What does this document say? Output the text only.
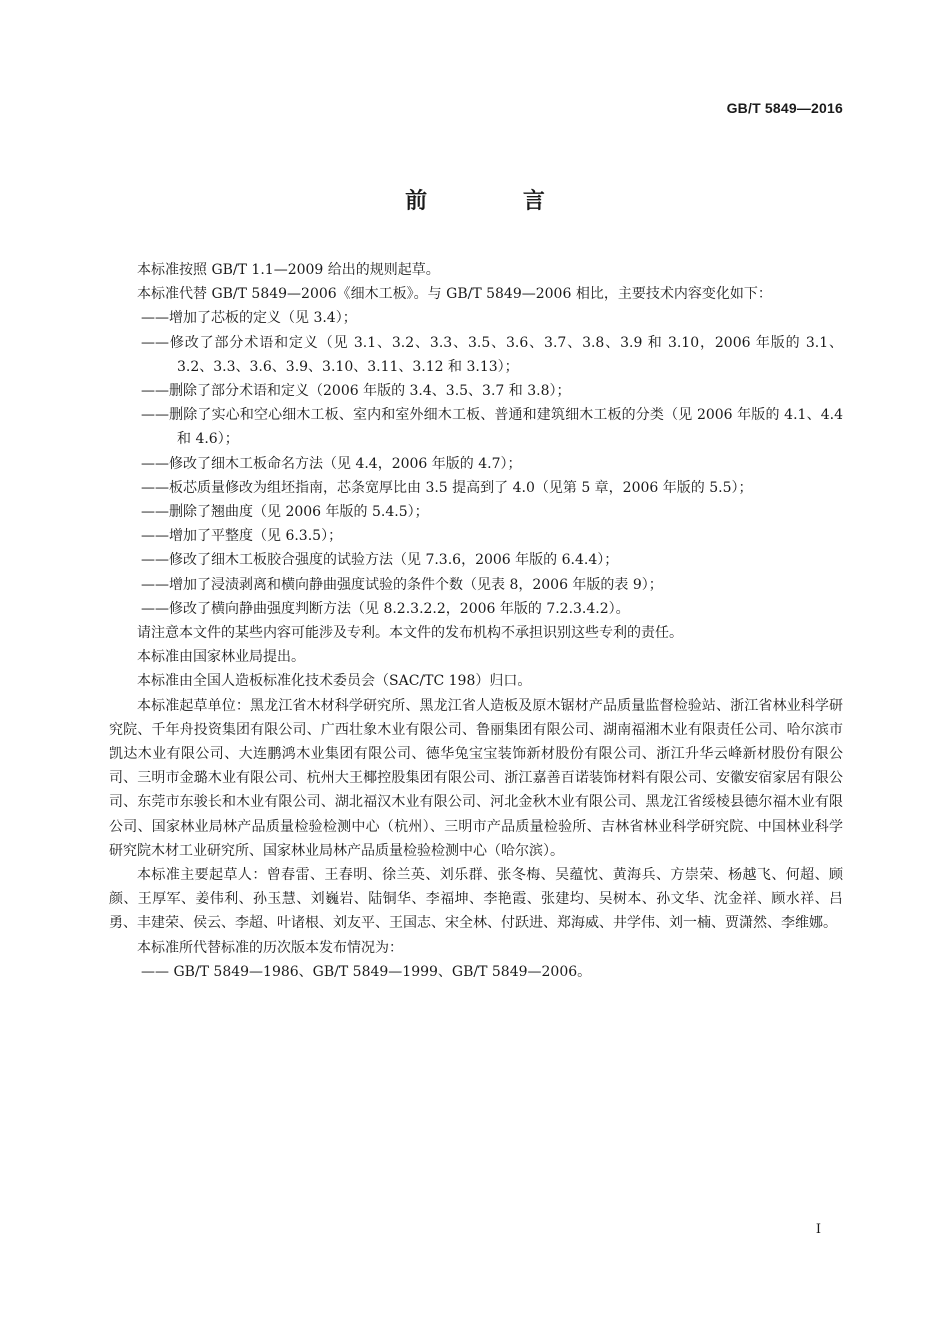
GB/T 5849—2016
前 言

本标准按照 GB/T 1.1—2009 给出的规则起草。

本标准代替 GB/T 5849—2006《细木工板》。与 GB/T 5849—2006 相比，主要技术内容变化如下：

——增加了芯板的定义（见 3.4）；

——修改了部分术语和定义（见 3.1、3.2、3.3、3.5、3.6、3.7、3.8、3.9 和 3.10，2006 年版的 3.1、3.2、3.3、3.6、3.9、3.10、3.11、3.12 和 3.13）；

——删除了部分术语和定义（2006 年版的 3.4、3.5、3.7 和 3.8）；

——删除了实心和空心细木工板、室内和室外细木工板、普通和建筑细木工板的分类（见 2006 年版的 4.1、4.4 和 4.6）；

——修改了细木工板命名方法（见 4.4，2006 年版的 4.7）；

——板芯质量修改为组坯指南，芯条宽厚比由 3.5 提高到了 4.0（见第 5 章，2006 年版的 5.5）；

——删除了翘曲度（见 2006 年版的 5.4.5）；

——增加了平整度（见 6.3.5）；

——修改了细木工板胶合强度的试验方法（见 7.3.6，2006 年版的 6.4.4）；

——增加了浸渍剥离和横向静曲强度试验的条件个数（见表 8，2006 年版的表 9）；

——修改了横向静曲强度判断方法（见 8.2.3.2.2，2006 年版的 7.2.3.4.2）。

请注意本文件的某些内容可能涉及专利。本文件的发布机构不承担识别这些专利的责任。

本标准由国家林业局提出。

本标准由全国人造板标准化技术委员会（SAC/TC 198）归口。

本标准起草单位：黑龙江省木材科学研究所、黑龙江省人造板及原木锯材产品质量监督检验站、浙江省林业科学研究院、千年舟投资集团有限公司、广西壮象木业有限公司、鲁丽集团有限公司、湖南福湘木业有限责任公司、哈尔滨市凯达木业有限公司、大连鹏鸿木业集团有限公司、德华兔宝宝装饰新材股份有限公司、浙江升华云峰新材股份有限公司、三明市金璐木业有限公司、杭州大王椰控股集团有限公司、浙江嘉善百诺装饰材料有限公司、安徽安宿家居有限公司、东莞市东骏长和木业有限公司、湖北福汉木业有限公司、河北金秋木业有限公司、黑龙江省绥棱县德尔福木业有限公司、国家林业局林产品质量检验检测中心（杭州）、三明市产品质量检验所、吉林省林业科学研究院、中国林业科学研究院木材工业研究所、国家林业局林产品质量检验检测中心（哈尔滨）。

本标准主要起草人：曾春雷、王春明、徐兰英、刘乐群、张冬梅、吴蕴忱、黄海兵、方崇荣、杨越飞、何超、顾颜、王厚军、姜伟利、孙玉慧、刘巍岩、陆铜华、李福坤、李艳霞、张建均、吴树本、孙文华、沈金祥、顾水祥、吕勇、丰建荣、侯云、李超、叶诸根、刘友平、王国志、宋全林、付跃进、郑海威、井学伟、刘一楠、贾潇然、李维娜。

本标准所代替标准的历次版本发布情况为：

—— GB/T 5849—1986、GB/T 5849—1999、GB/T 5849—2006。

I
